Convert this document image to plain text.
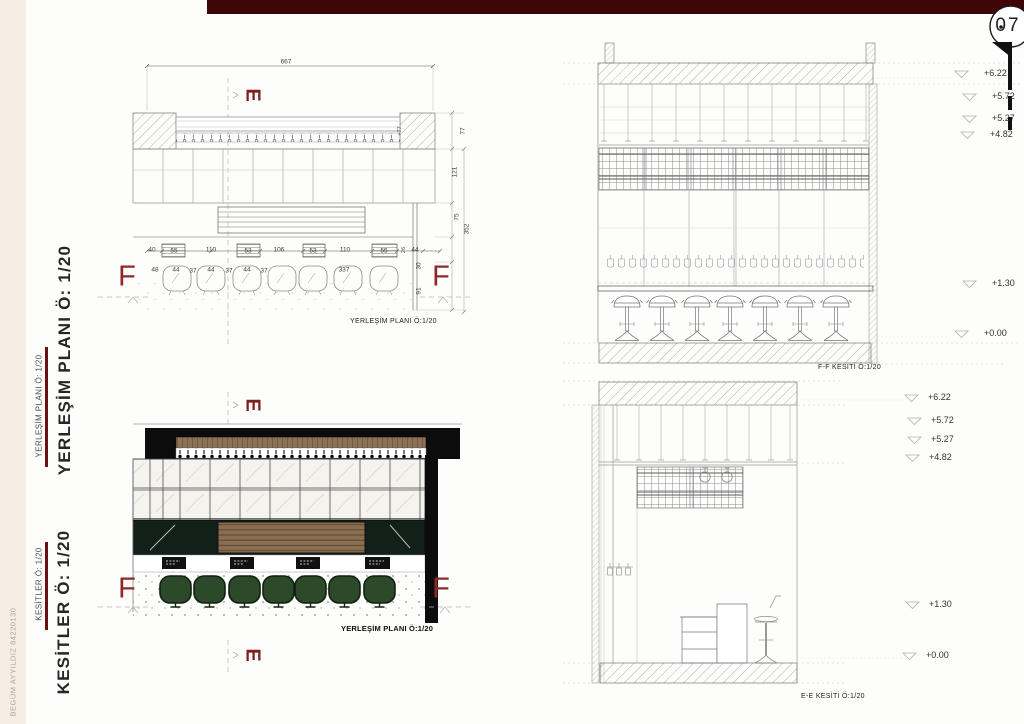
YERLEŞİM PLANI Ö: 1/20 YERLEŞİM PLANI Ö: 1/20
KESİTLER Ö: 1/20 KESİTLER Ö: 1/20
BEGÜM AYYILDIZ 84220130
07
667
40 55	110	53	106	53	110	55 26 44
48 44 37 44 37 44 37	337
+77	77
121
75
352
30
91
E
E
E
F	F
F	F
YERLEŞİM PLANI Ö:1/20
YERLEŞİM PLANI Ö:1/20
F-F KESİTİ Ö:1/20
E-E KESİTİ Ö:1/20
+6.22
+5.72
+5.27
+4.82
+1.30
+0.00
+6.22
+5.72
+5.27
+4.82
+1.30
+0.00
